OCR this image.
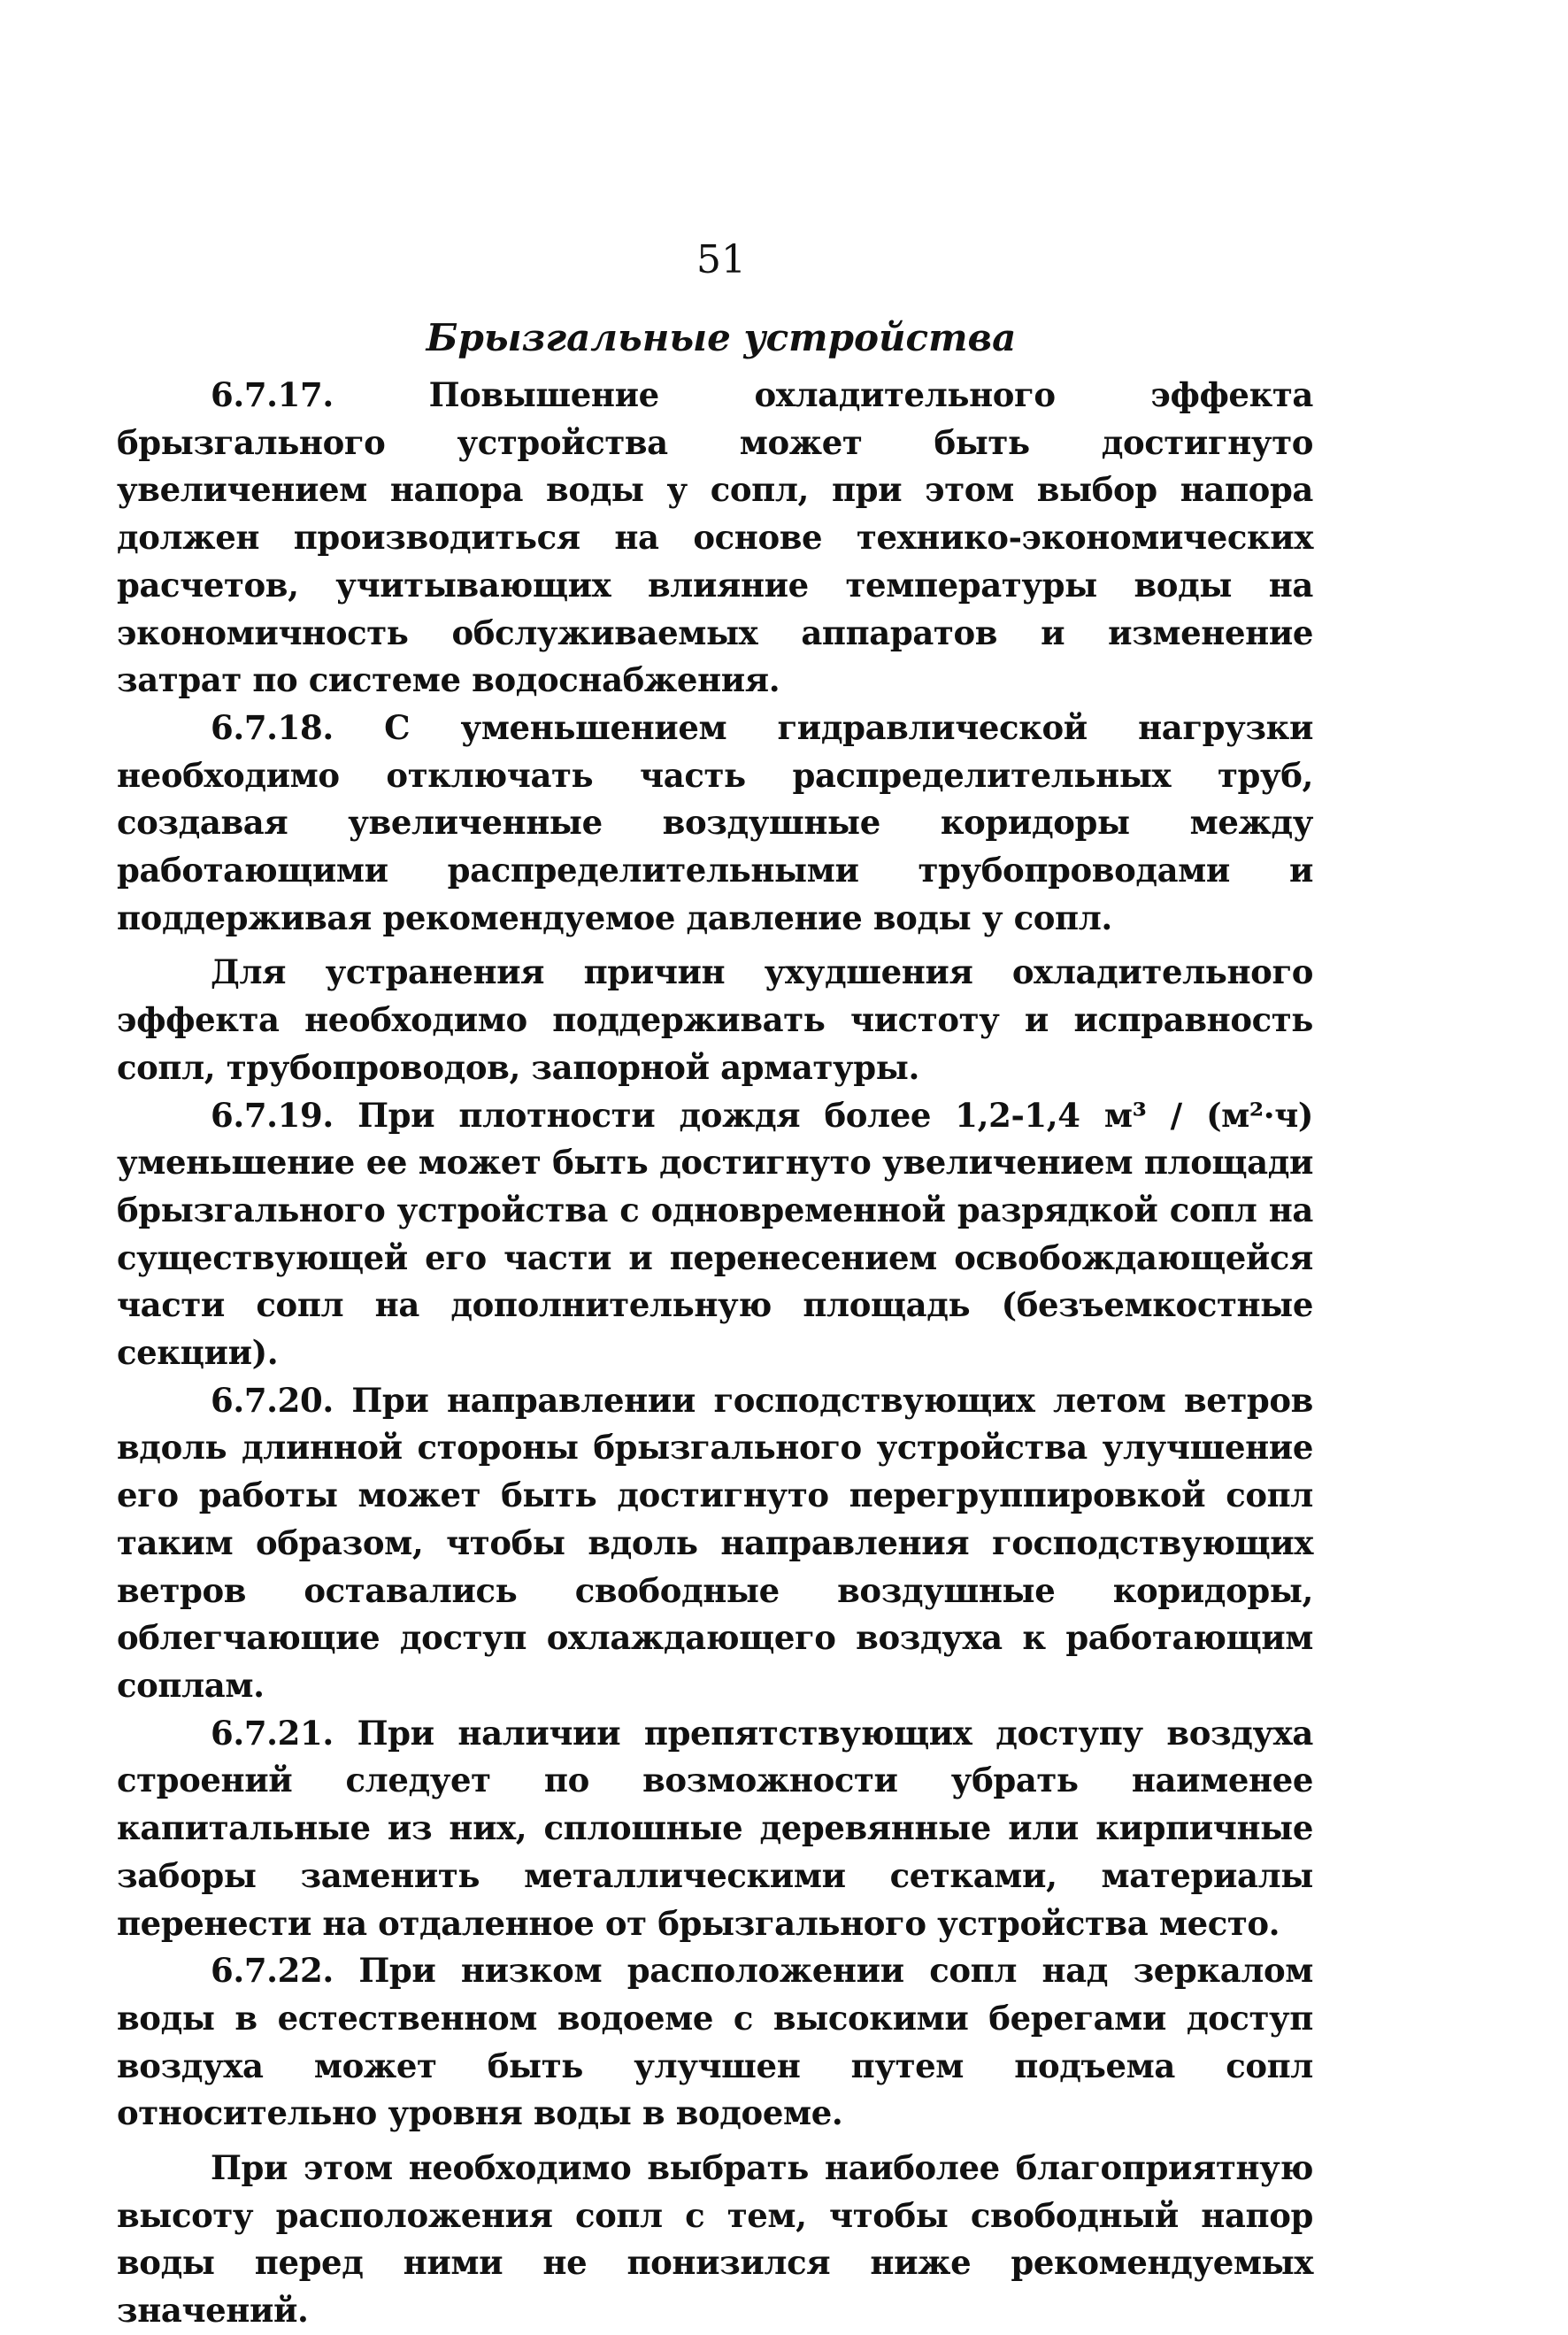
51
Брызгальные устройства

6.7.17. Повышение охладительного эффекта брызгального устройства может быть достигнуто увеличением напора воды у сопл, при этом выбор напора должен производиться на основе технико-экономических расчетов, учитывающих влияние температуры воды на экономичность обслуживаемых аппаратов и изменение затрат по системе водоснабжения.

6.7.18. С уменьшением гидравлической нагрузки необходимо отключать часть распределительных труб, создавая увеличенные воздушные коридоры между работающими распределительными трубопроводами и поддерживая рекомендуемое давление воды у сопл.

Для устранения причин ухудшения охладительного эффекта необходимо поддерживать чистоту и исправность сопл, трубопроводов, запорной арматуры.

6.7.19. При плотности дождя более 1,2-1,4 м³ / (м²·ч) уменьшение ее может быть достигнуто увеличением площади брызгального устройства с одновременной разрядкой сопл на существующей его части и перенесением освобождающейся части сопл на дополнительную площадь (безъемкостные секции).

6.7.20. При направлении господствующих летом ветров вдоль длинной стороны брызгального устройства улучшение его работы может быть достигнуто перегруппировкой сопл таким образом, чтобы вдоль направления господствующих ветров оставались свободные воздушные коридоры, облегчающие доступ охлаждающего воздуха к работающим соплам.

6.7.21. При наличии препятствующих доступу воздуха строений следует по возможности убрать наименее капитальные из них, сплошные деревянные или кирпичные заборы заменить металлическими сетками, материалы перенести на отдаленное от брызгального устройства место.

6.7.22. При низком расположении сопл над зеркалом воды в естественном водоеме с высокими берегами доступ воздуха может быть улучшен путем подъема сопл относительно уровня воды в водоеме.

При этом необходимо выбрать наиболее благоприятную высоту расположения сопл с тем, чтобы свободный напор воды перед ними не понизился ниже рекомендуемых значений.
